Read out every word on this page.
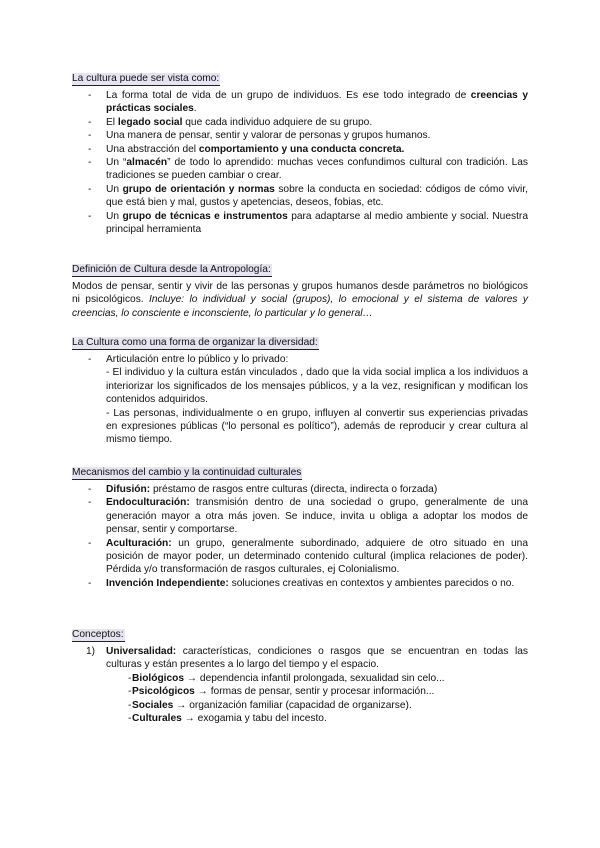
La cultura puede ser vista como:
- La forma total de vida de un grupo de individuos. Es ese todo integrado de creencias y prácticas sociales.
- El legado social que cada individuo adquiere de su grupo.
- Una manera de pensar, sentir y valorar de personas y grupos humanos.
- Una abstracción del comportamiento y una conducta concreta.
- Un “almacén” de todo lo aprendido: muchas veces confundimos cultural con tradición. Las tradiciones se pueden cambiar o crear.
- Un grupo de orientación y normas sobre la conducta en sociedad: códigos de cómo vivir, que está bien y mal, gustos y apetencias, deseos, fobias, etc.
- Un grupo de técnicas e instrumentos para adaptarse al medio ambiente y social. Nuestra principal herramienta
Definición de Cultura desde la Antropología:

Modos de pensar, sentir y vivir de las personas y grupos humanos desde parámetros no biológicos ni psicológicos. Incluye: lo individual y social (grupos), lo emocional y el sistema de valores y creencias, lo consciente e inconsciente, lo particular y lo general…

La Cultura como una forma de organizar la diversidad:
- Articulación entre lo público y lo privado:

- El individuo y la cultura están vinculados , dado que la vida social implica a los individuos a interiorizar los significados de los mensajes públicos, y a la vez, resignifican y modifican los contenidos adquiridos.

- Las personas, individualmente o en grupo, influyen al convertir sus experiencias privadas en expresiones públicas (“lo personal es político”), además de reproducir y crear cultura al mismo tiempo.

Mecanismos del cambio y la continuidad culturales
- Difusión: préstamo de rasgos entre culturas (directa, indirecta o forzada)
- Endoculturación: transmisión dentro de una sociedad o grupo, generalmente de una generación mayor a otra más joven. Se induce, invita u obliga a adoptar los modos de pensar, sentir y comportarse.
- Aculturación: un grupo, generalmente subordinado, adquiere de otro situado en una posición de mayor poder, un determinado contenido cultural (implica relaciones de poder). Pérdida y/o transformación de rasgos culturales, ej Colonialismo.
- Invención Independiente: soluciones creativas en contextos y ambientes parecidos o no.
Conceptos:
1) Universalidad: características, condiciones o rasgos que se encuentran en todas las culturas y están presentes a lo largo del tiempo y el espacio.
- Biológicos → dependencia infantil prolongada, sexualidad sin celo...
- Psicológicos → formas de pensar, sentir y procesar información...
- Sociales → organización familiar (capacidad de organizarse).
- Culturales → exogamia y tabu del incesto.
